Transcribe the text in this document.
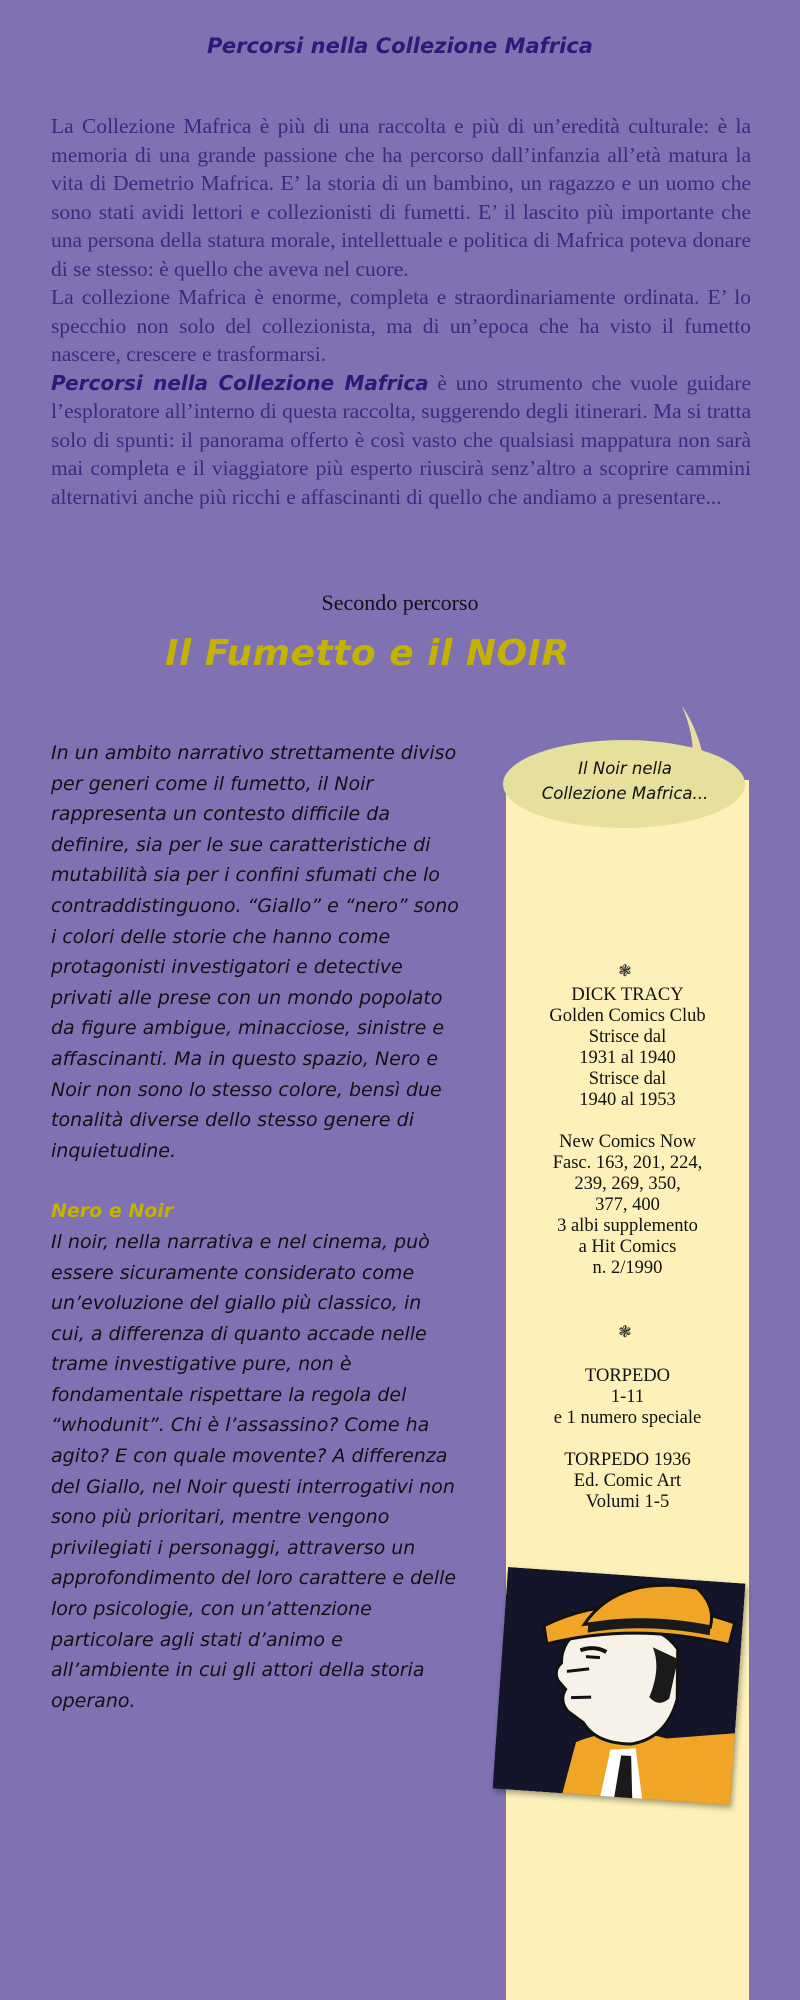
Percorsi nella Collezione Mafrica

La Collezione Mafrica è più di una raccolta e più di un’eredità culturale: è la memoria di una grande passione che ha percorso dall’infanzia all’età matura la vita di Demetrio Mafrica. E’ la storia di un bambino, un ragazzo e un uomo che sono stati avidi lettori e collezionisti di fumetti. E’ il lascito più importante che una persona della statura morale, intellettuale e politica di Mafrica poteva donare di se stesso: è quello che aveva nel cuore.

La collezione Mafrica è enorme, completa e straordinariamente ordinata. E’ lo specchio non solo del collezionista, ma di un’epoca che ha visto il fumetto nascere, crescere e trasformarsi.

Percorsi nella Collezione Mafrica è uno strumento che vuole guidare l’esploratore all’interno di questa raccolta, suggerendo degli itinerari. Ma si tratta solo di spunti: il panorama offerto è così vasto che qualsiasi mappatura non sarà mai completa e il viaggiatore più esperto riuscirà senz’altro a scoprire cammini alternativi anche più ricchi e affascinanti di quello che andiamo a presentare...

Secondo percorso
Il Fumetto e il NOIR

In un ambito narrativo strettamente diviso per generi come il fumetto, il Noir rappresenta un contesto difficile da definire, sia per le sue caratteristiche di mutabilità sia per i confini sfumati che lo contraddistinguono. “Giallo” e “nero” sono i colori delle storie che hanno come protagonisti investigatori e detective privati alle prese con un mondo popolato da figure ambigue, minacciose, sinistre e affascinanti. Ma in questo spazio, Nero e Noir non sono lo stesso colore, bensì due tonalità diverse dello stesso genere di inquietudine.

Nero e Noir

Il noir, nella narrativa e nel cinema, può essere sicuramente considerato come un’evoluzione del giallo più classico, in cui, a differenza di quanto accade nelle trame investigative pure, non è fondamentale rispettare la regola del “whodunit”. Chi è l’assassino? Come ha agito? E con quale movente? A differenza del Giallo, nel Noir questi interrogativi non sono più prioritari, mentre vengono privilegiati i personaggi, attraverso un approfondimento del loro carattere e delle loro psicologie, con un’attenzione particolare agli stati d’animo e all’ambiente in cui gli attori della storia operano.

Il Noir nella
Collezione Mafrica...
❃
DICK TRACY
Golden Comics Club
Strisce dal
1931 al 1940
Strisce dal
1940 al 1953
New Comics Now
Fasc. 163, 201, 224,
239, 269, 350,
377, 400
3 albi supplemento
a Hit Comics
n. 2/1990
❃
TORPEDO
1-11
e 1 numero speciale
TORPEDO 1936
Ed. Comic Art
Volumi 1-5
